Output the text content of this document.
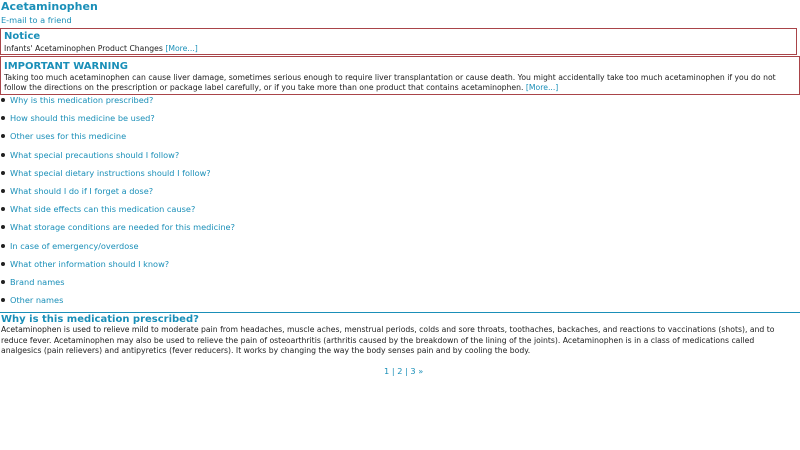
Acetaminophen
E-mail to a friend
Notice
Infants' Acetaminophen Product Changes [More...]
IMPORTANT WARNING
Taking too much acetaminophen can cause liver damage, sometimes serious enough to require liver transplantation or cause death. You might accidentally take too much acetaminophen if you do not follow the directions on the prescription or package label carefully, or if you take more than one product that contains acetaminophen. [More...]
Why is this medication prescribed?
How should this medicine be used?
Other uses for this medicine
What special precautions should I follow?
What special dietary instructions should I follow?
What should I do if I forget a dose?
What side effects can this medication cause?
What storage conditions are needed for this medicine?
In case of emergency/overdose
What other information should I know?
Brand names
Other names
Why is this medication prescribed?
Acetaminophen is used to relieve mild to moderate pain from headaches, muscle aches, menstrual periods, colds and sore throats, toothaches, backaches, and reactions to vaccinations (shots), and to reduce fever. Acetaminophen may also be used to relieve the pain of osteoarthritis (arthritis caused by the breakdown of the lining of the joints). Acetaminophen is in a class of medications called analgesics (pain relievers) and antipyretics (fever reducers). It works by changing the way the body senses pain and by cooling the body.
1 | 2 | 3 »
